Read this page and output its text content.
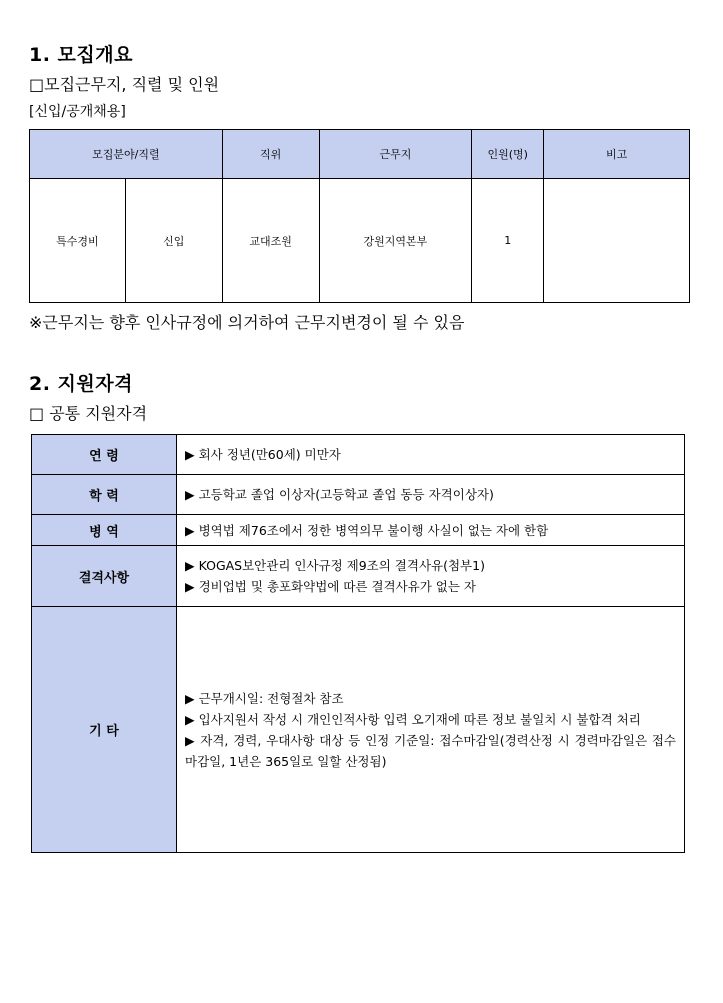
1. 모집개요
□모집근무지, 직렬 및 인원
[신입/공개채용]
모집분야/직렬		직위	근무지	인원(명)	비고
특수경비	신입	교대조원	강원지역본부	1	
※근무지는 향후 인사규정에 의거하여 근무지변경이 될 수 있음
2. 지원자격
□ 공통 지원자격
연 령	▶ 회사 정년(만60세) 미만자

학 력	▶ 고등학교 졸업 이상자(고등학교 졸업 동등 자격이상자)

병 역	▶ 병역법 제76조에서 정한 병역의무 불이행 사실이 없는 자에 한함

결격사항	▶ KOGAS보안관리 인사규정 제9조의 결격사유(첨부1)
▶ 경비업법 및 총포화약법에 따른 결격사유가 없는 자

기 타	▶ 근무개시일: 전형절차 참조
▶ 입사지원서 작성 시 개인인적사항 입력 오기재에 따른 정보 불일치 시 불합격 처리
▶ 자격, 경력, 우대사항 대상 등 인정 기준일: 접수마감일(경력산정 시 경력마감일은 접수마감일, 1년은 365일로 일할 산정됨)
